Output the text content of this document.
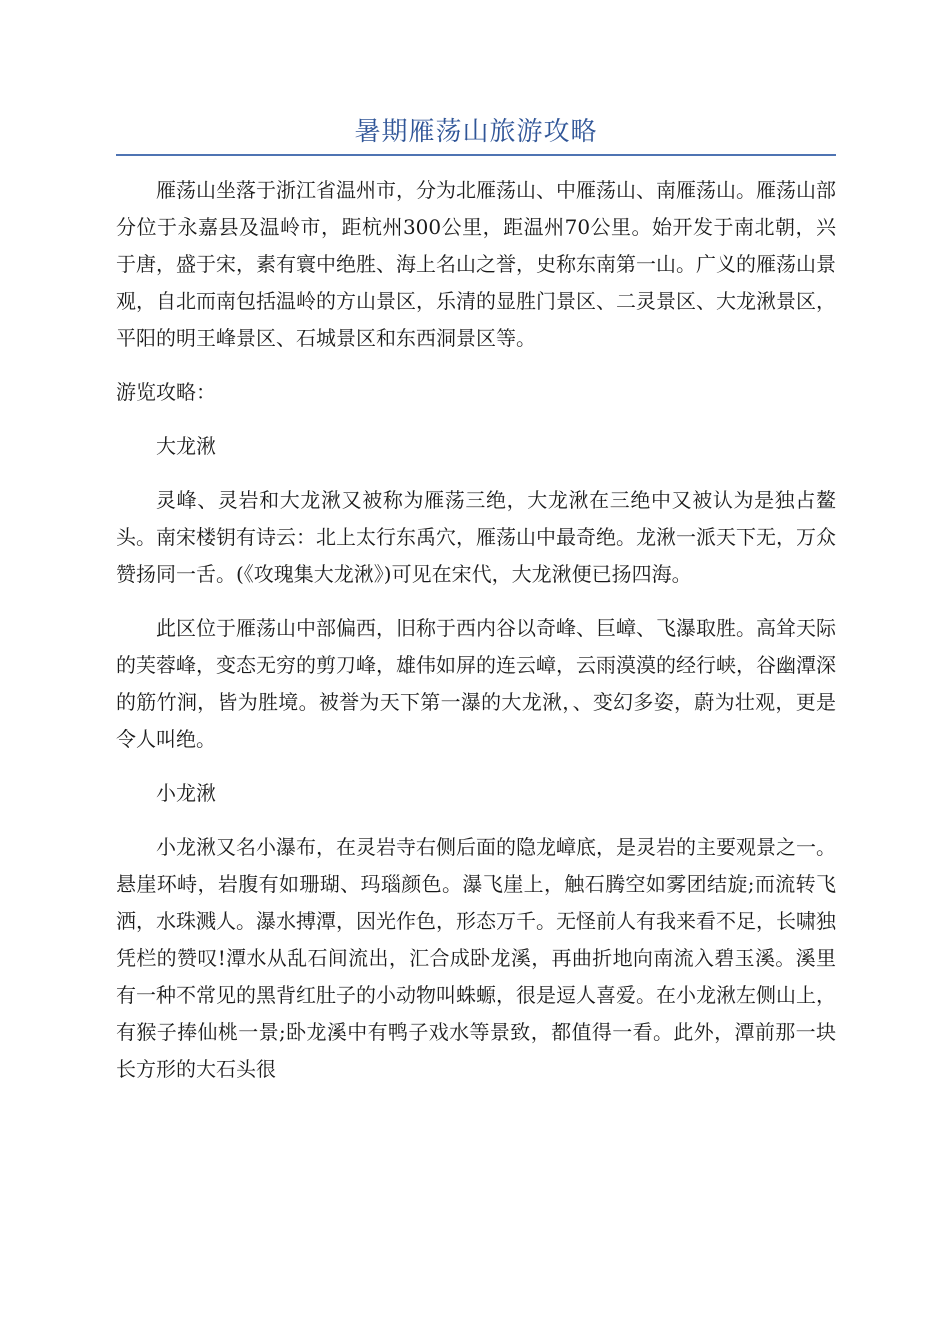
暑期雁荡山旅游攻略

雁荡山坐落于浙江省温州市，分为北雁荡山、中雁荡山、南雁荡山。雁荡山部分位于永嘉县及温岭市，距杭州300公里，距温州70公里。始开发于南北朝，兴于唐，盛于宋，素有寰中绝胜、海上名山之誉，史称东南第一山。广义的雁荡山景观，自北而南包括温岭的方山景区，乐清的显胜门景区、二灵景区、大龙湫景区，平阳的明王峰景区、石城景区和东西洞景区等。

游览攻略：

大龙湫

灵峰、灵岩和大龙湫又被称为雁荡三绝，大龙湫在三绝中又被认为是独占鳌头。南宋楼钥有诗云：北上太行东禹穴，雁荡山中最奇绝。龙湫一派天下无，万众赞扬同一舌。(《攻瑰集大龙湫》)可见在宋代，大龙湫便已扬四海。

此区位于雁荡山中部偏西，旧称于西内谷以奇峰、巨嶂、飞瀑取胜。高耸天际的芙蓉峰，变态无穷的剪刀峰，雄伟如屏的连云嶂，云雨漠漠的经行峡，谷幽潭深的筋竹涧，皆为胜境。被誉为天下第一瀑的大龙湫，、变幻多姿，蔚为壮观，更是令人叫绝。

小龙湫

小龙湫又名小瀑布，在灵岩寺右侧后面的隐龙嶂底，是灵岩的主要观景之一。悬崖环峙，岩腹有如珊瑚、玛瑙颜色。瀑飞崖上，触石腾空如雾团结旋;而流转飞洒，水珠溅人。瀑水搏潭，因光作色，形态万千。无怪前人有我来看不足，长啸独凭栏的赞叹!潭水从乱石间流出，汇合成卧龙溪，再曲折地向南流入碧玉溪。溪里有一种不常见的黑背红肚子的小动物叫蛛螈，很是逗人喜爱。在小龙湫左侧山上，有猴子捧仙桃一景;卧龙溪中有鸭子戏水等景致，都值得一看。此外，潭前那一块长方形的大石头很
